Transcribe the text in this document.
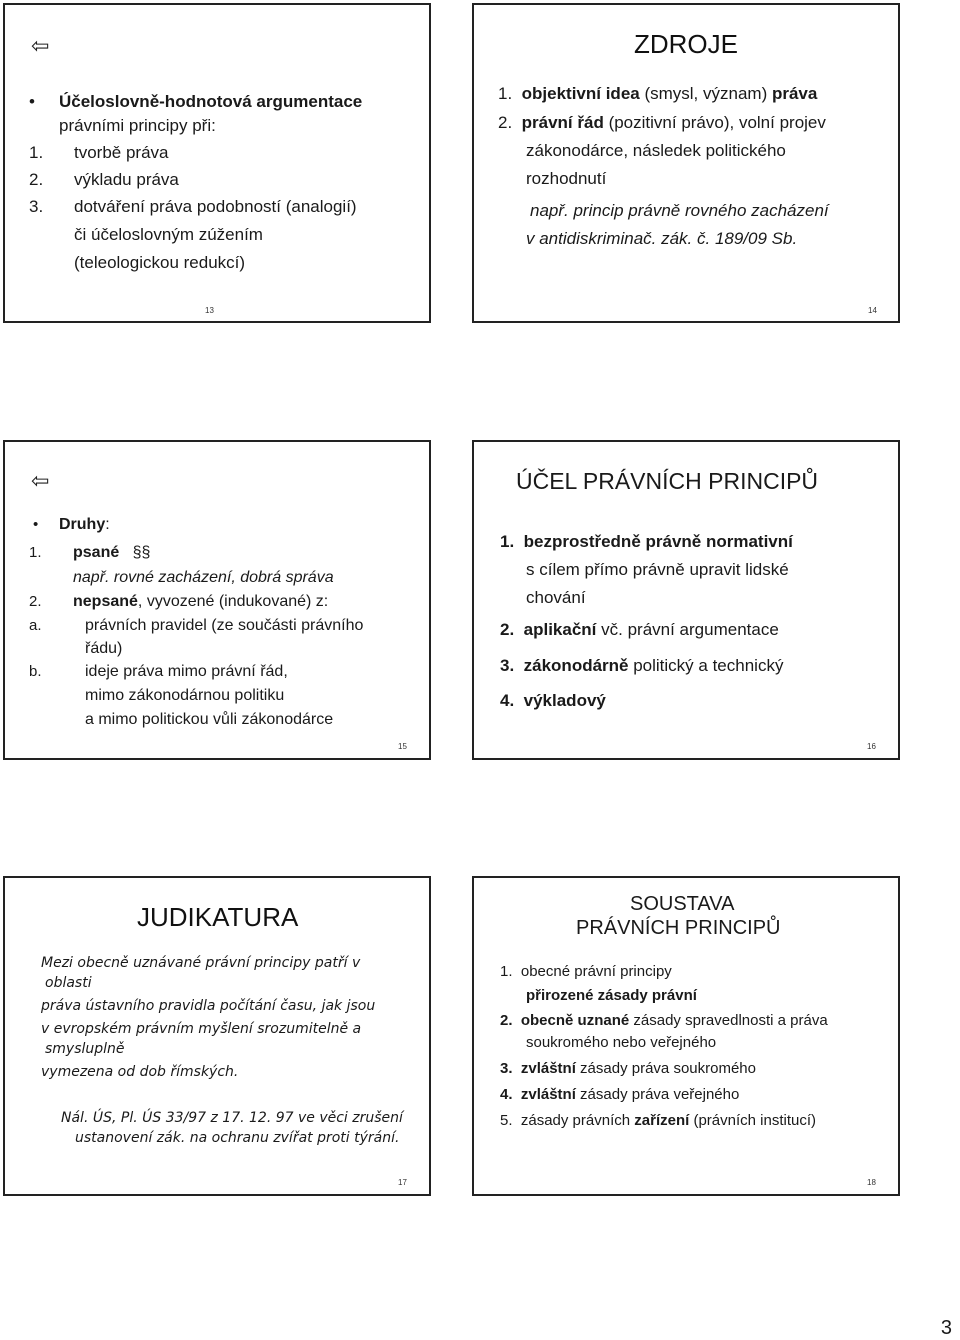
⇦
• Účeloslovně-hodnotová argumentace
právními principy při:
1. tvorbě práva
2. výkladu práva
3. dotváření práva podobností (analogií)
či účeloslovným zúžením
(teleologickou redukcí)
13
ZDROJE
1. objektivní idea (smysl, význam) práva
2. právní řád (pozitivní právo), volní projev
zákonodárce, následek politického
rozhodnutí
např. princip právně rovného zacházení
v antidiskriminač. zák. č. 189/09 Sb.
14
⇦
• Druhy:
1. psané §§
např. rovné zacházení, dobrá správa
2. nepsané, vyvozené (indukované) z:
a.	právních pravidel (ze součásti právního
řádu)
b.	ideje práva mimo právní řád,
mimo zákonodárnou politiku
a mimo politickou vůli zákonodárce
15
ÚČEL PRÁVNÍCH PRINCIPŮ
1. bezprostředně právně normativní
s cílem přímo právně upravit lidské
chování
2. aplikační vč. právní argumentace
3. zákonodárně politický a technický
4. výkladový
16
JUDIKATURA
Mezi obecně uznávané právní principy patří v
oblasti
práva ústavního pravidla počítání času, jak jsou
v evropském právním myšlení srozumitelně a
smysluplně
vymezena od dob římských.
Nál. ÚS, Pl. ÚS 33/97 z 17. 12. 97 ve věci zrušení
ustanovení zák. na ochranu zvířat proti týrání.
17
SOUSTAVA
PRÁVNÍCH PRINCIPŮ
1. obecné právní principy
přirozené zásady právní
2. obecně uznané zásady spravedlnosti a práva
soukromého nebo veřejného
3. zvláštní zásady práva soukromého
4. zvláštní zásady práva veřejného
5. zásady právních zařízení (právních institucí)
18
3
